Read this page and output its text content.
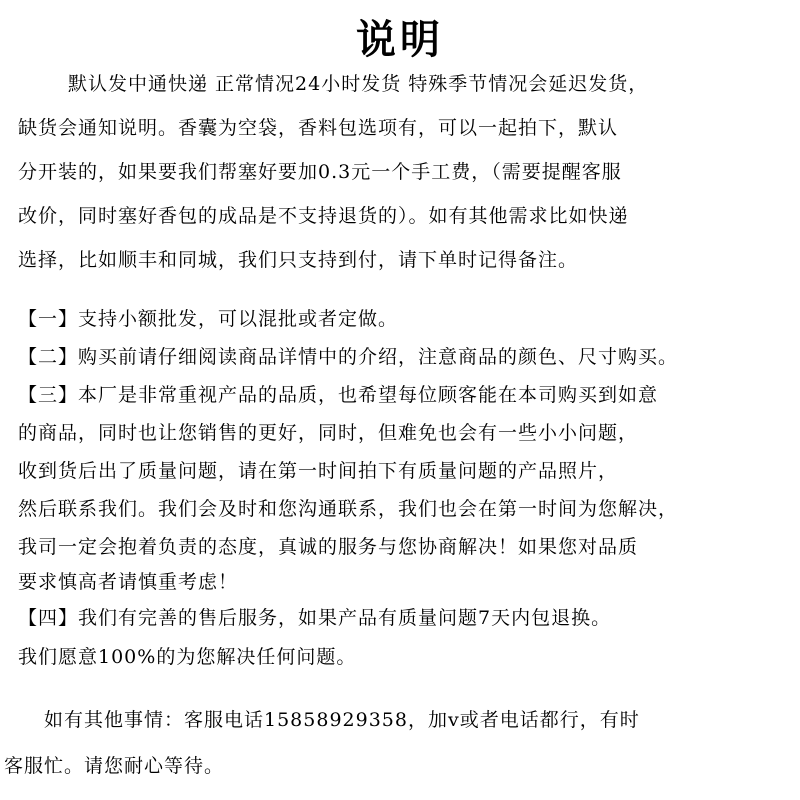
说明
默认发中通快递 正常情况24小时发货 特殊季节情况会延迟发货，
缺货会通知说明。香囊为空袋，香料包选项有，可以一起拍下，默认
分开装的，如果要我们帮塞好要加0.3元一个手工费，（需要提醒客服
改价，同时塞好香包的成品是不支持退货的）。如有其他需求比如快递
选择，比如顺丰和同城，我们只支持到付，请下单时记得备注。
【一】支持小额批发，可以混批或者定做。
【二】购买前请仔细阅读商品详情中的介绍，注意商品的颜色、尺寸购买。
【三】本厂是非常重视产品的品质，也希望每位顾客能在本司购买到如意
的商品，同时也让您销售的更好，同时，但难免也会有一些小小问题，
收到货后出了质量问题，请在第一时间拍下有质量问题的产品照片，
然后联系我们。我们会及时和您沟通联系，我们也会在第一时间为您解决，
我司一定会抱着负责的态度，真诚的服务与您协商解决！如果您对品质
要求慎高者请慎重考虑！
【四】我们有完善的售后服务，如果产品有质量问题7天内包退换。
我们愿意100%的为您解决任何问题。
如有其他事情：客服电话15858929358，加v或者电话都行，有时
客服忙。请您耐心等待。
